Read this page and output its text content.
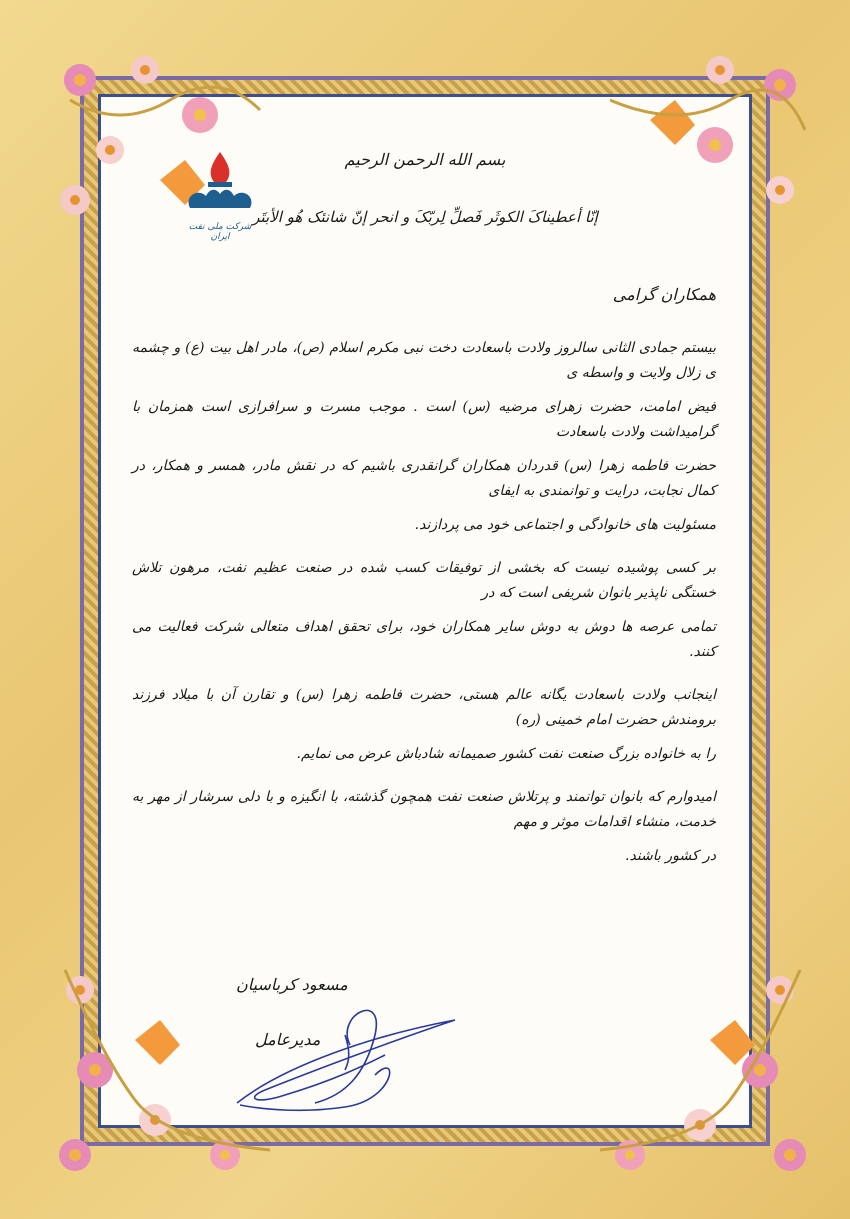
شرکت ملی نفت ایران
بسم الله الرحمن الرحیم
إنّا أعطیناکَ الکوثَر فَصلِّ لِربّکَ و انحر إنّ شانئک هُو الأبتَر
همکاران گرامی
بیستم جمادی الثانی سالروز ولادت باسعادت دخت نبی مکرم اسلام (ص)، مادر اهل بیت (ع) و چشمه ی زلال ولایت و واسطه ی
فیض امامت، حضرت زهرای مرضیه (س) است . موجب مسرت و سرافرازی است همزمان با گرامیداشت ولادت باسعادت
حضرت فاطمه زهرا (س) قدردان همکاران گرانقدری باشیم که در نقش مادر، همسر و همکار، در کمال نجابت، درایت و توانمندی به ایفای
مسئولیت های خانوادگی و اجتماعی خود می پردازند.
بر کسی پوشیده نیست که بخشی از توفیقات کسب شده در صنعت عظیم نفت، مرهون تلاش خستگی ناپذیر بانوان شریفی است که در
تمامی عرصه ها دوش به دوش سایر همکاران خود، برای تحقق اهداف متعالی شرکت فعالیت می کنند.
اینجانب ولادت باسعادت یگانه عالم هستی، حضرت فاطمه زهرا (س) و تقارن آن با میلاد فرزند برومندش حضرت امام خمینی (ره)
را به خانواده بزرگ صنعت نفت کشور صمیمانه شادباش عرض می نمایم.
امیدوارم که بانوان توانمند و پرتلاش صنعت نفت همچون گذشته، با انگیزه و با دلی سرشار از مهر به خدمت، منشاء اقدامات موثر و مهم
در کشور باشند.
مسعود کرباسیان
مدیرعامل
